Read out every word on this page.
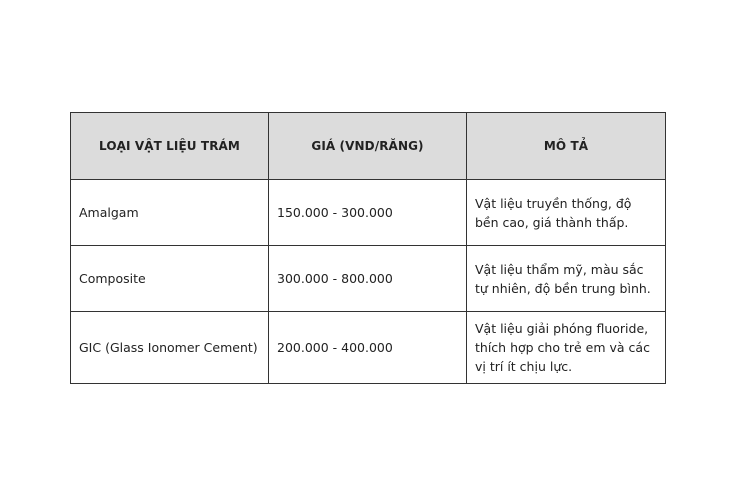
LOẠI VẬT LIỆU TRÁM	GIÁ (VND/RĂNG)	MÔ TẢ
Amalgam	150.000 - 300.000	Vật liệu truyền thống, độ bền cao, giá thành thấp.
Composite	300.000 - 800.000	Vật liệu thẩm mỹ, màu sắc tự nhiên, độ bền trung bình.
GIC (Glass Ionomer Cement)	200.000 - 400.000	Vật liệu giải phóng fluoride, thích hợp cho trẻ em và các vị trí ít chịu lực.
